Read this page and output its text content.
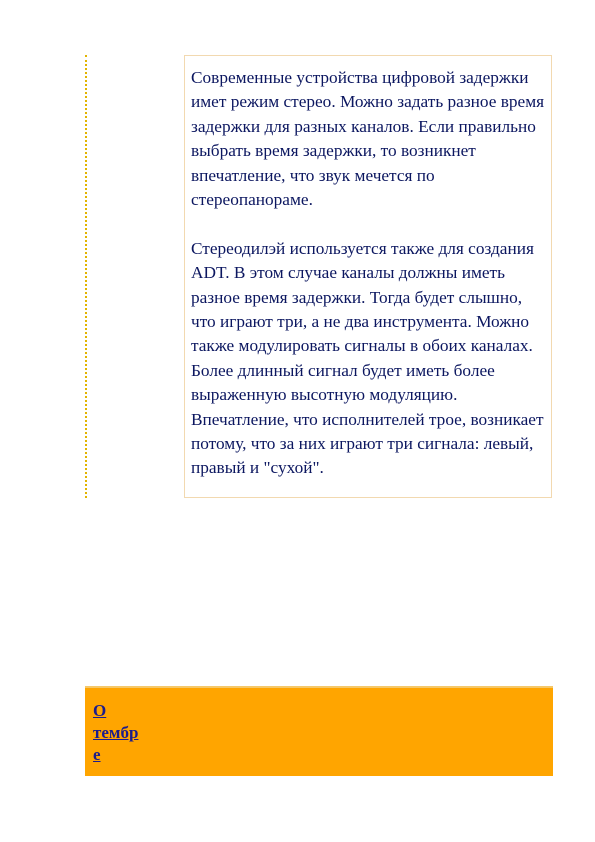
Современные устройства цифровой задержки имет режим стерео. Можно задать разное время задержки для разных каналов. Если правильно выбрать время задержки, то возникнет впечатление, что звук мечется по стереопанораме.

Стереодилэй используется также для создания ADT. В этом случае каналы должны иметь разное время задержки. Тогда будет слышно, что играют три, а не два инструмента. Можно также модулировать сигналы в обоих каналах. Более длинный сигнал будет иметь более выраженную высотную модуляцию. Впечатление, что исполнителей трое, возникает потому, что за них играют три сигнала: левый, правый и "сухой".

О
тембр
е
